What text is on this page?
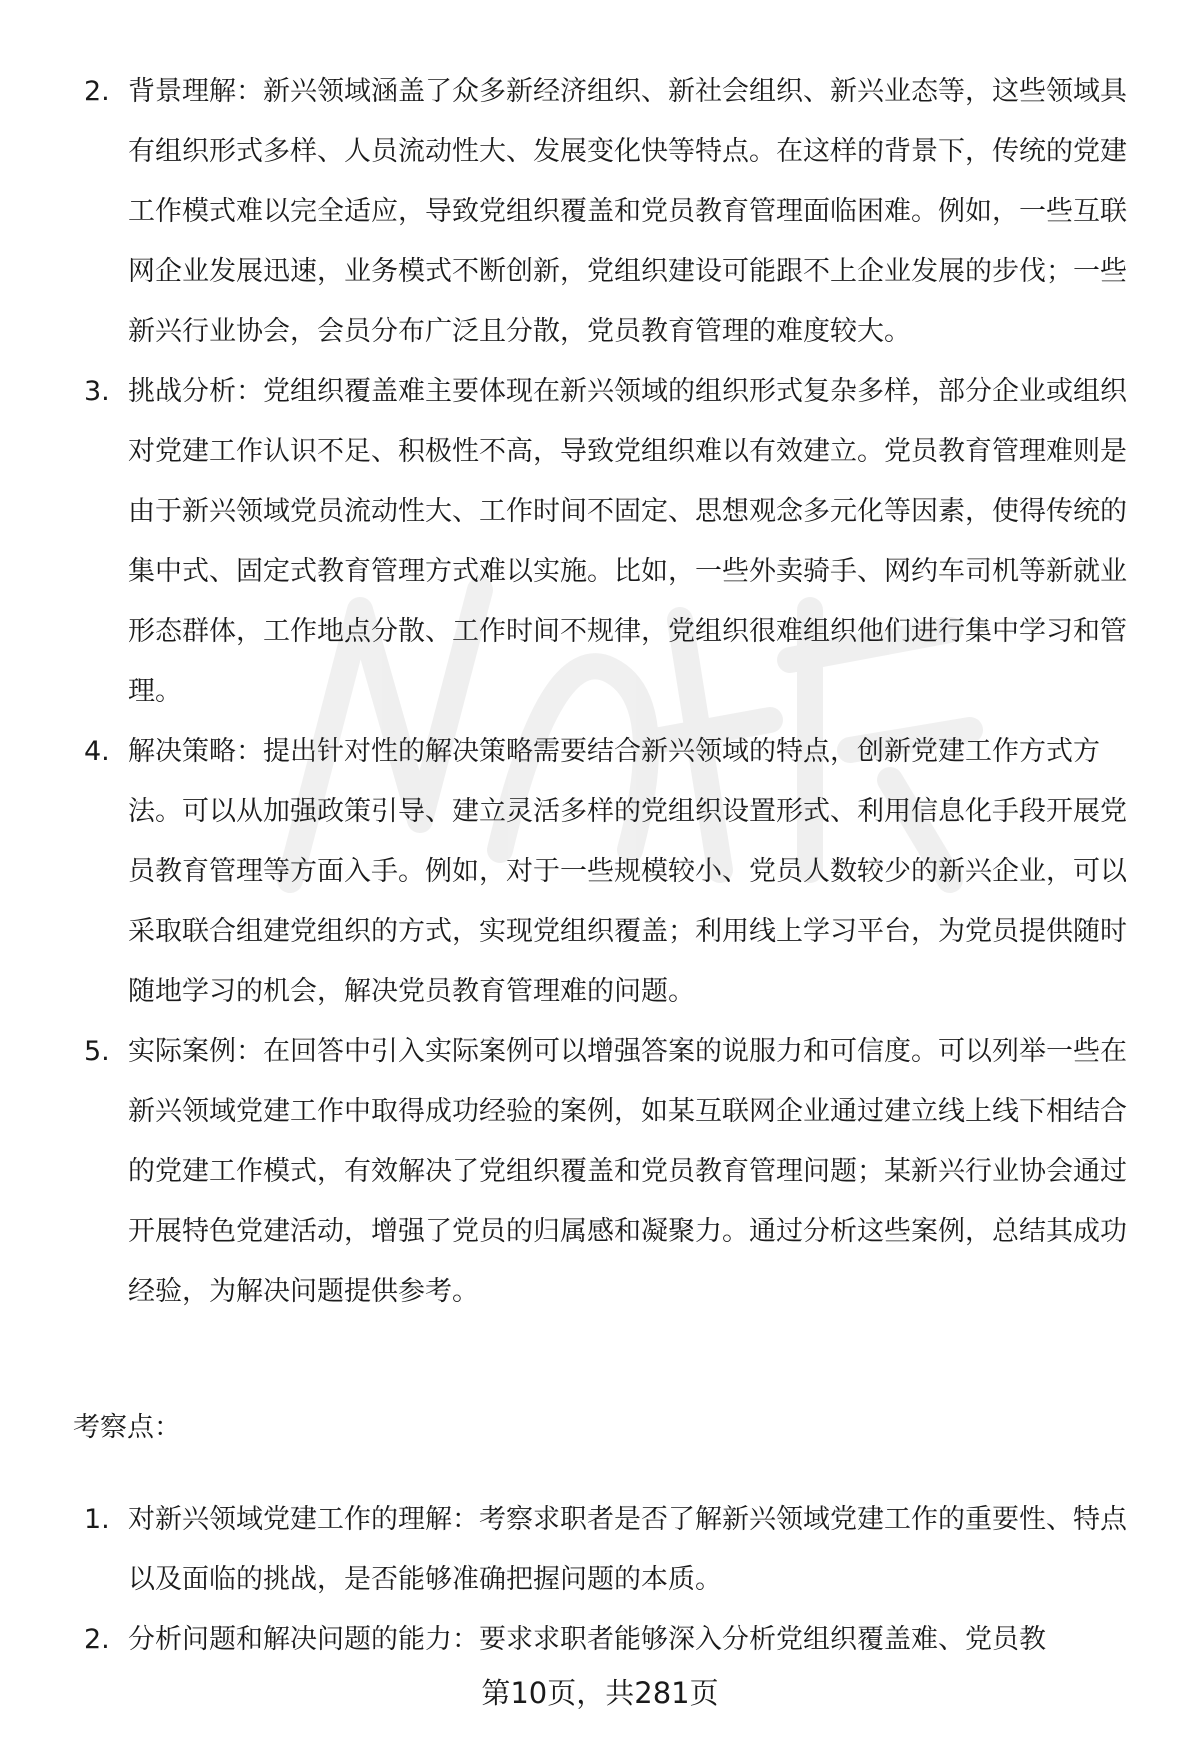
2. 背景理解：新兴领域涵盖了众多新经济组织、新社会组织、新兴业态等，这些领域具有组织形式多样、人员流动性大、发展变化快等特点。在这样的背景下，传统的党建工作模式难以完全适应，导致党组织覆盖和党员教育管理面临困难。例如，一些互联网企业发展迅速，业务模式不断创新，党组织建设可能跟不上企业发展的步伐；一些新兴行业协会，会员分布广泛且分散，党员教育管理的难度较大。
3. 挑战分析：党组织覆盖难主要体现在新兴领域的组织形式复杂多样，部分企业或组织对党建工作认识不足、积极性不高，导致党组织难以有效建立。党员教育管理难则是由于新兴领域党员流动性大、工作时间不固定、思想观念多元化等因素，使得传统的集中式、固定式教育管理方式难以实施。比如，一些外卖骑手、网约车司机等新就业形态群体，工作地点分散、工作时间不规律，党组织很难组织他们进行集中学习和管理。
4. 解决策略：提出针对性的解决策略需要结合新兴领域的特点，创新党建工作方式方法。可以从加强政策引导、建立灵活多样的党组织设置形式、利用信息化手段开展党员教育管理等方面入手。例如，对于一些规模较小、党员人数较少的新兴企业，可以采取联合组建党组织的方式，实现党组织覆盖；利用线上学习平台，为党员提供随时随地学习的机会，解决党员教育管理难的问题。
5. 实际案例：在回答中引入实际案例可以增强答案的说服力和可信度。可以列举一些在新兴领域党建工作中取得成功经验的案例，如某互联网企业通过建立线上线下相结合的党建工作模式，有效解决了党组织覆盖和党员教育管理问题；某新兴行业协会通过开展特色党建活动，增强了党员的归属感和凝聚力。通过分析这些案例，总结其成功经验，为解决问题提供参考。
考察点：
1. 对新兴领域党建工作的理解：考察求职者是否了解新兴领域党建工作的重要性、特点以及面临的挑战，是否能够准确把握问题的本质。
2. 分析问题和解决问题的能力：要求求职者能够深入分析党组织覆盖难、党员教
第10页，共281页
